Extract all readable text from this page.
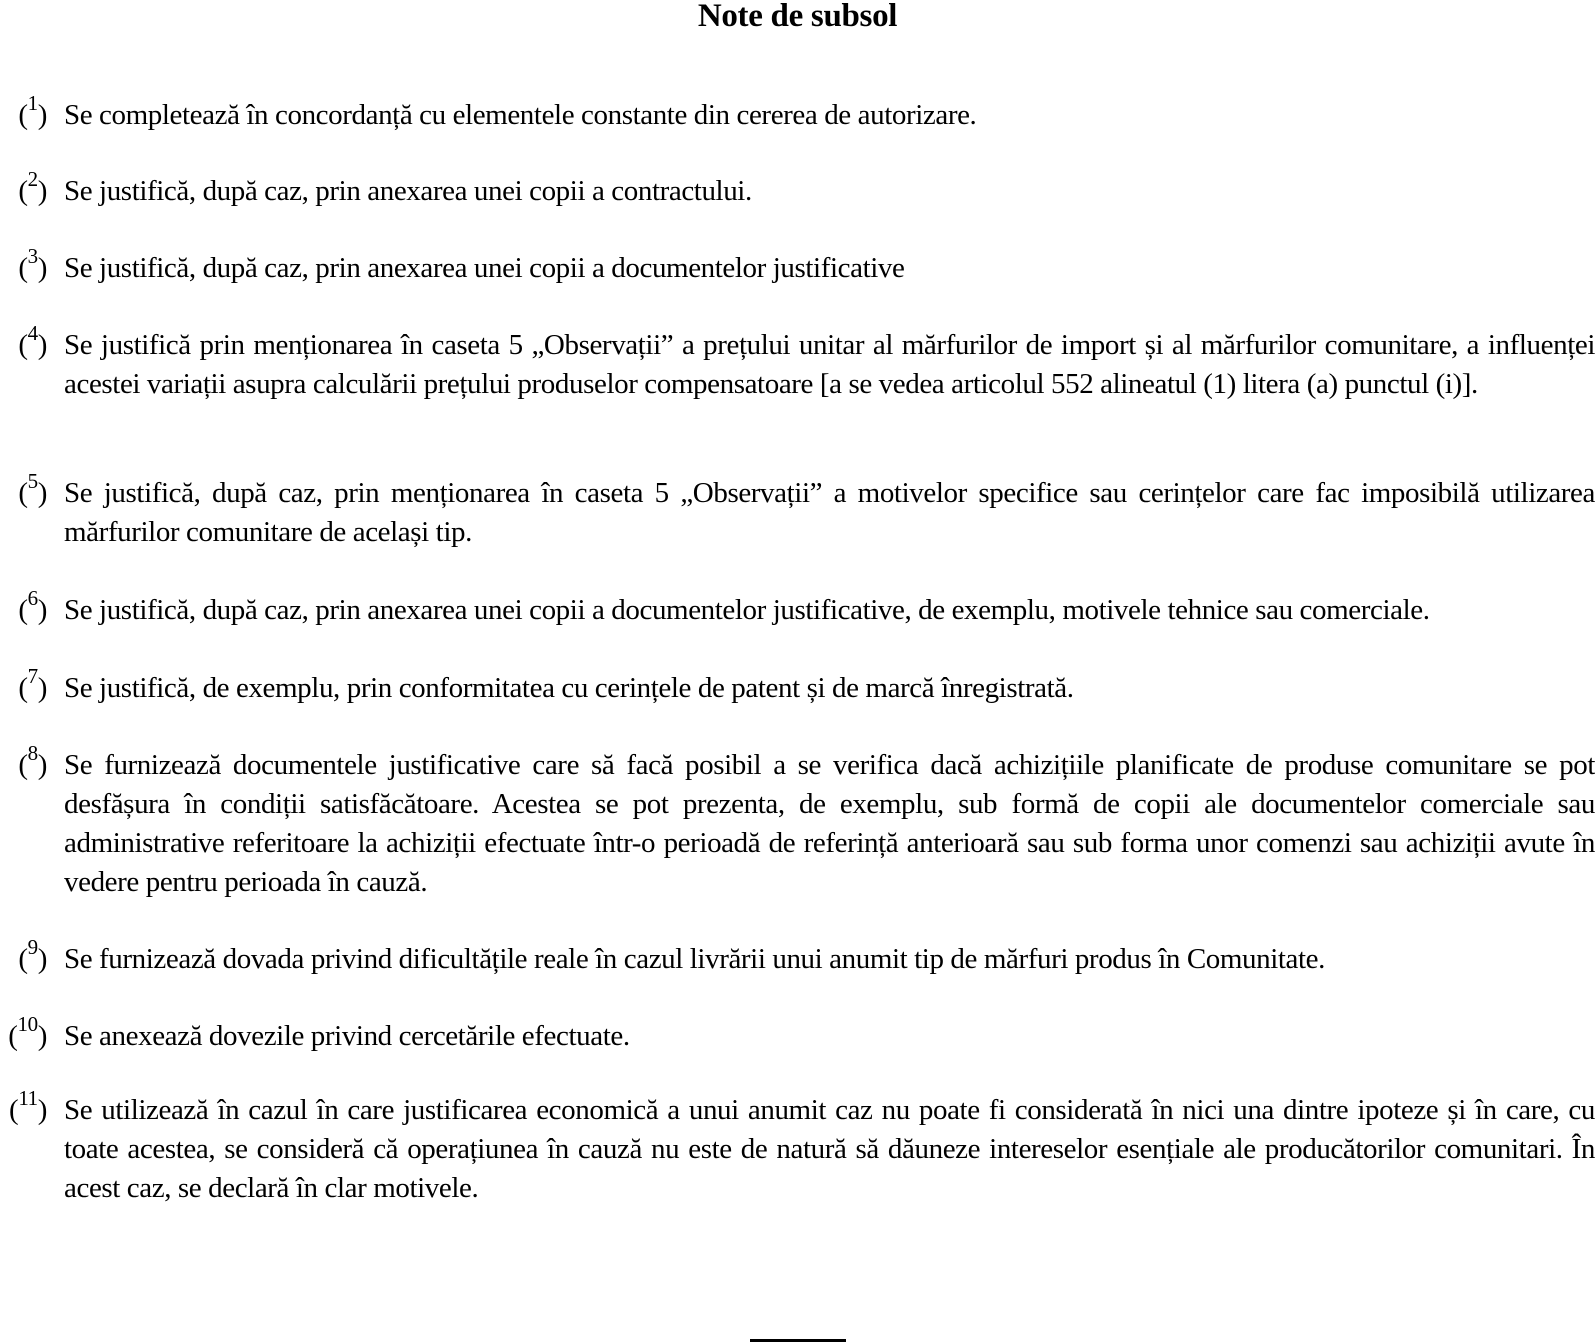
Note de subsol
($^1$) Se completează în concordanță cu elementele constante din cererea de autorizare.
($^2$) Se justifică, după caz, prin anexarea unei copii a contractului.
($^3$) Se justifică, după caz, prin anexarea unei copii a documentelor justificative
($^4$) Se justifică prin menționarea în caseta 5 „Observații” a prețului unitar al mărfurilor de import și al mărfurilor comunitare, a influenței acestei variații asupra calculării prețului produselor compensatoare [a se vedea articolul 552 alineatul (1) litera (a) punctul (i)].
($^5$) Se justifică, după caz, prin menționarea în caseta 5 „Observații” a motivelor specifice sau cerințelor care fac imposibilă utilizarea mărfurilor comunitare de același tip.
($^6$) Se justifică, după caz, prin anexarea unei copii a documentelor justificative, de exemplu, motivele tehnice sau comerciale.
($^7$) Se justifică, de exemplu, prin conformitatea cu cerințele de patent și de marcă înregistrată.
($^8$) Se furnizează documentele justificative care să facă posibil a se verifica dacă achizițiile planificate de produse comunitare se pot desfășura în condiții satisfăcătoare. Acestea se pot prezenta, de exemplu, sub formă de copii ale documentelor comerciale sau administrative referitoare la achiziții efectuate într-o perioadă de referință anterioară sau sub forma unor comenzi sau achiziții avute în vedere pentru perioada în cauză.
($^9$) Se furnizează dovada privind dificultățile reale în cazul livrării unui anumit tip de mărfuri produs în Comunitate.
($^{10}$) Se anexează dovezile privind cercetările efectuate.
($^{11}$) Se utilizează în cazul în care justificarea economică a unui anumit caz nu poate fi considerată în nici una dintre ipoteze și în care, cu toate acestea, se consideră că operațiunea în cauză nu este de natură să dăuneze intereselor esențiale ale producătorilor comunitari. În acest caz, se declară în clar motivele.
